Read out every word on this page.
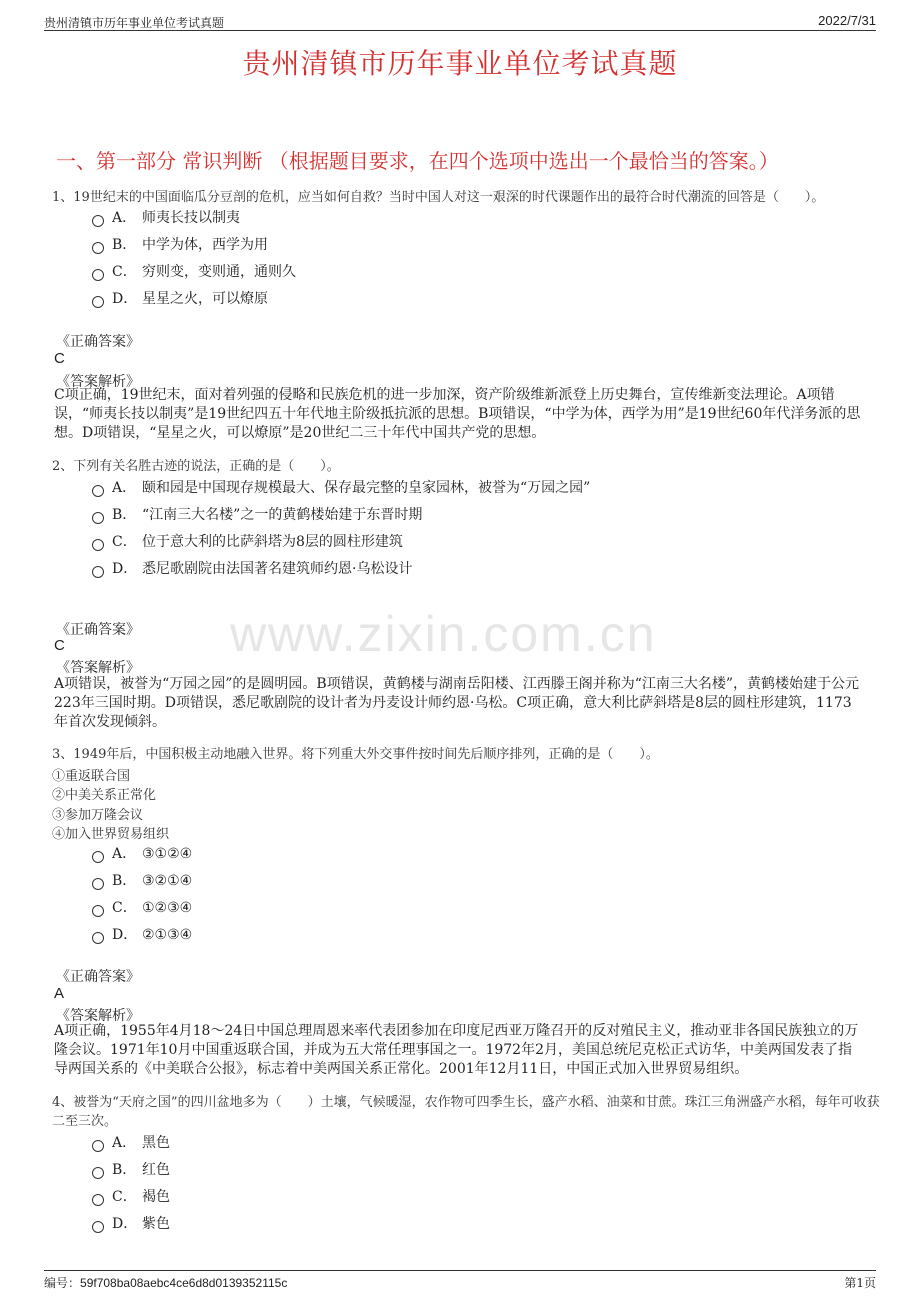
贵州清镇市历年事业单位考试真题	2022/7/31
贵州清镇市历年事业单位考试真题
一、第一部分 常识判断 （根据题目要求，在四个选项中选出一个最恰当的答案。）
www.zixin.com.cn
1、19世纪末的中国面临瓜分豆剖的危机，应当如何自救？当时中国人对这一艰深的时代课题作出的最符合时代潮流的回答是（　　）。
A． 师夷长技以制夷
B． 中学为体，西学为用
C． 穷则变，变则通，通则久
D． 星星之火，可以燎原
《正确答案》
C
《答案解析》
C项正确，19世纪末，面对着列强的侵略和民族危机的进一步加深，资产阶级维新派登上历史舞台，宣传维新变法理论。A项错误，“师夷长技以制夷”是19世纪四五十年代地主阶级抵抗派的思想。B项错误，“中学为体，西学为用”是19世纪60年代洋务派的思想。D项错误，“星星之火，可以燎原”是20世纪二三十年代中国共产党的思想。
2、下列有关名胜古迹的说法，正确的是（　　）。
A． 颐和园是中国现存规模最大、保存最完整的皇家园林，被誉为“万园之园”
B． “江南三大名楼”之一的黄鹤楼始建于东晋时期
C． 位于意大利的比萨斜塔为8层的圆柱形建筑
D． 悉尼歌剧院由法国著名建筑师约恩·乌松设计
《正确答案》
C
《答案解析》
A项错误，被誉为“万园之园”的是圆明园。B项错误，黄鹤楼与湖南岳阳楼、江西滕王阁并称为“江南三大名楼”，黄鹤楼始建于公元223年三国时期。D项错误，悉尼歌剧院的设计者为丹麦设计师约恩·乌松。C项正确，意大利比萨斜塔是8层的圆柱形建筑，1173年首次发现倾斜。
3、1949年后，中国积极主动地融入世界。将下列重大外交事件按时间先后顺序排列，正确的是（　　）。
①重返联合国
②中美关系正常化
③参加万隆会议
④加入世界贸易组织
A． ③①②④
B． ③②①④
C． ①②③④
D． ②①③④
《正确答案》
A
《答案解析》
A项正确，1955年4月18～24日中国总理周恩来率代表团参加在印度尼西亚万隆召开的反对殖民主义，推动亚非各国民族独立的万隆会议。1971年10月中国重返联合国，并成为五大常任理事国之一。1972年2月，美国总统尼克松正式访华，中美两国发表了指导两国关系的《中美联合公报》，标志着中美两国关系正常化。2001年12月11日，中国正式加入世界贸易组织。
4、被誉为“天府之国”的四川盆地多为（　　）土壤，气候暖湿，农作物可四季生长，盛产水稻、油菜和甘蔗。珠江三角洲盛产水稻，每年可收获二至三次。
A． 黑色
B． 红色
C． 褐色
D． 紫色
编号：59f708ba08aebc4ce6d8d0139352115c	第1页
